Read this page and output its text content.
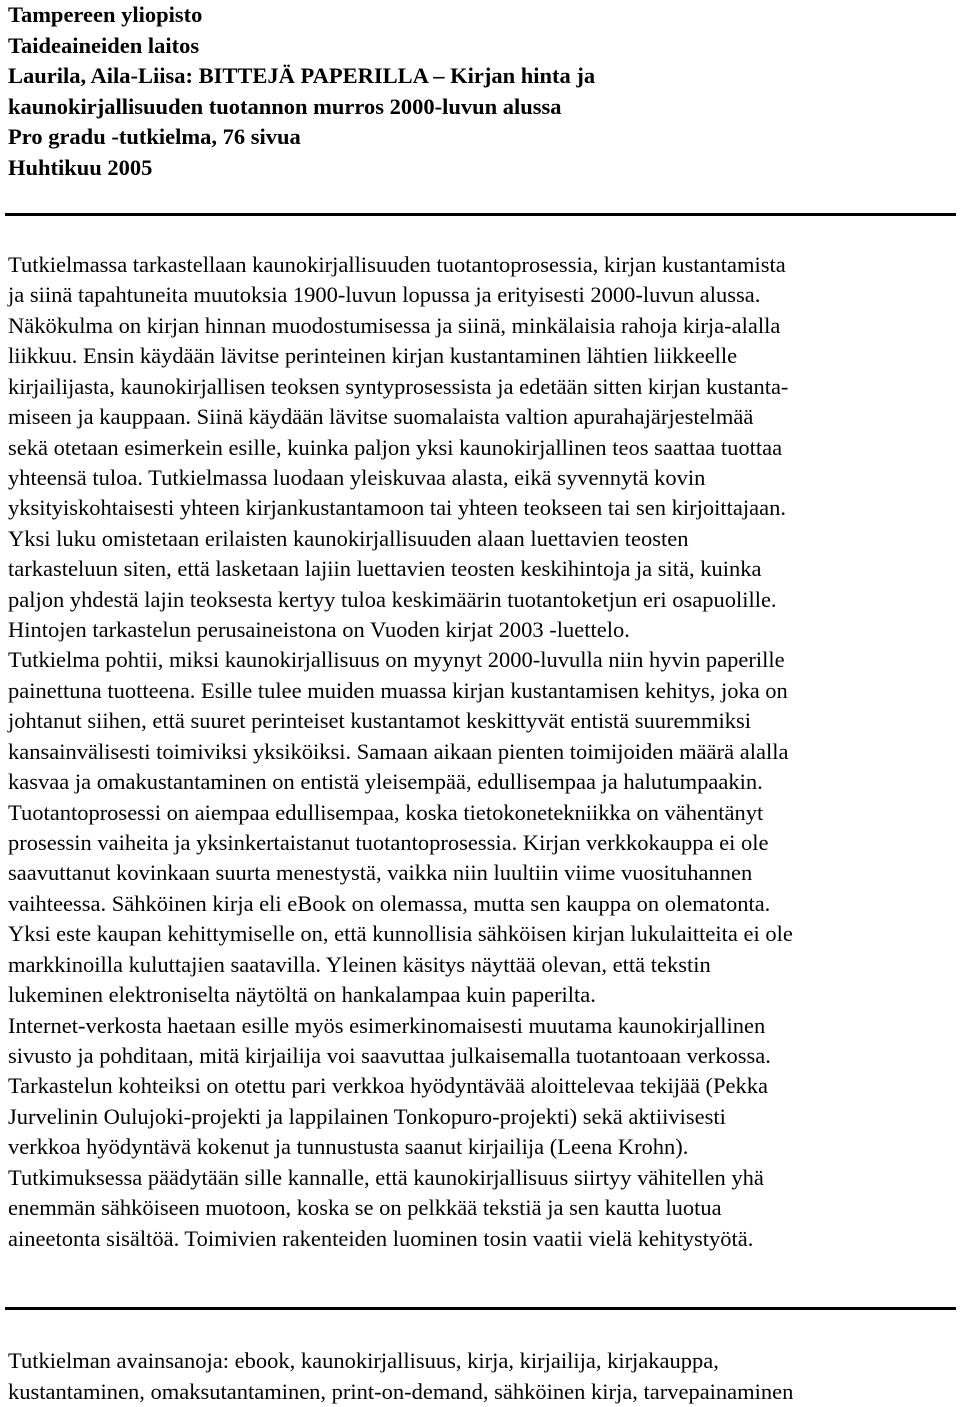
Tampereen yliopisto
Taideaineiden laitos
Laurila, Aila-Liisa: BITTEJÄ PAPERILLA – Kirjan hinta ja
kaunokirjallisuuden tuotannon murros 2000-luvun alussa
Pro gradu -tutkielma, 76 sivua
Huhtikuu 2005
Tutkielmassa tarkastellaan kaunokirjallisuuden tuotantoprosessia, kirjan kustantamista
ja siinä tapahtuneita muutoksia 1900-luvun lopussa ja erityisesti 2000-luvun alussa.
Näkökulma on kirjan hinnan muodostumisessa ja siinä, minkälaisia rahoja kirja-alalla
liikkuu. Ensin käydään lävitse perinteinen kirjan kustantaminen lähtien liikkeelle
kirjailijasta, kaunokirjallisen teoksen syntyprosessista ja edetään sitten kirjan kustanta-
miseen ja kauppaan. Siinä käydään lävitse suomalaista valtion apurahajärjestelmää
sekä otetaan esimerkein esille, kuinka paljon yksi kaunokirjallinen teos saattaa tuottaa
yhteensä tuloa. Tutkielmassa luodaan yleiskuvaa alasta, eikä syvennytä kovin
yksityiskohtaisesti yhteen kirjankustantamoon tai yhteen teokseen tai sen kirjoittajaan.
Yksi luku omistetaan erilaisten kaunokirjallisuuden alaan luettavien teosten
tarkasteluun siten, että lasketaan lajiin luettavien teosten keskihintoja ja sitä, kuinka
paljon yhdestä lajin teoksesta kertyy tuloa keskimäärin tuotantoketjun eri osapuolille.
Hintojen tarkastelun perusaineistona on Vuoden kirjat 2003 -luettelo.
Tutkielma pohtii, miksi kaunokirjallisuus on myynyt 2000-luvulla niin hyvin paperille
painettuna tuotteena. Esille tulee muiden muassa kirjan kustantamisen kehitys, joka on
johtanut siihen, että suuret perinteiset kustantamot keskittyvät entistä suuremmiksi
kansainvälisesti toimiviksi yksiköiksi. Samaan aikaan pienten toimijoiden määrä alalla
kasvaa ja omakustantaminen on entistä yleisempää, edullisempaa ja halutumpaakin.
Tuotantoprosessi on aiempaa edullisempaa, koska tietokonetekniikka on vähentänyt
prosessin vaiheita ja yksinkertaistanut tuotantoprosessia. Kirjan verkkokauppa ei ole
saavuttanut kovinkaan suurta menestystä, vaikka niin luultiin viime vuosituhannen
vaihteessa. Sähköinen kirja eli eBook on olemassa, mutta sen kauppa on olematonta.
Yksi este kaupan kehittymiselle on, että kunnollisia sähköisen kirjan lukulaitteita ei ole
markkinoilla kuluttajien saatavilla. Yleinen käsitys näyttää olevan, että tekstin
lukeminen elektroniselta näytöltä on hankalampaa kuin paperilta.
Internet-verkosta haetaan esille myös esimerkinomaisesti muutama kaunokirjallinen
sivusto ja pohditaan, mitä kirjailija voi saavuttaa julkaisemalla tuotantoaan verkossa.
Tarkastelun kohteiksi on otettu pari verkkoa hyödyntävää aloittelevaa tekijää (Pekka
Jurvelinin Oulujoki-projekti ja lappilainen Tonkopuro-projekti) sekä aktiivisesti
verkkoa hyödyntävä kokenut ja tunnustusta saanut kirjailija (Leena Krohn).
Tutkimuksessa päädytään sille kannalle, että kaunokirjallisuus siirtyy vähitellen yhä
enemmän sähköiseen muotoon, koska se on pelkkää tekstiä ja sen kautta luotua
aineetonta sisältöä. Toimivien rakenteiden luominen tosin vaatii vielä kehitystyötä.
Tutkielman avainsanoja: ebook, kaunokirjallisuus, kirja, kirjailija, kirjakauppa,
kustantaminen, omaksutantaminen, print-on-demand, sähköinen kirja, tarvepainaminen
